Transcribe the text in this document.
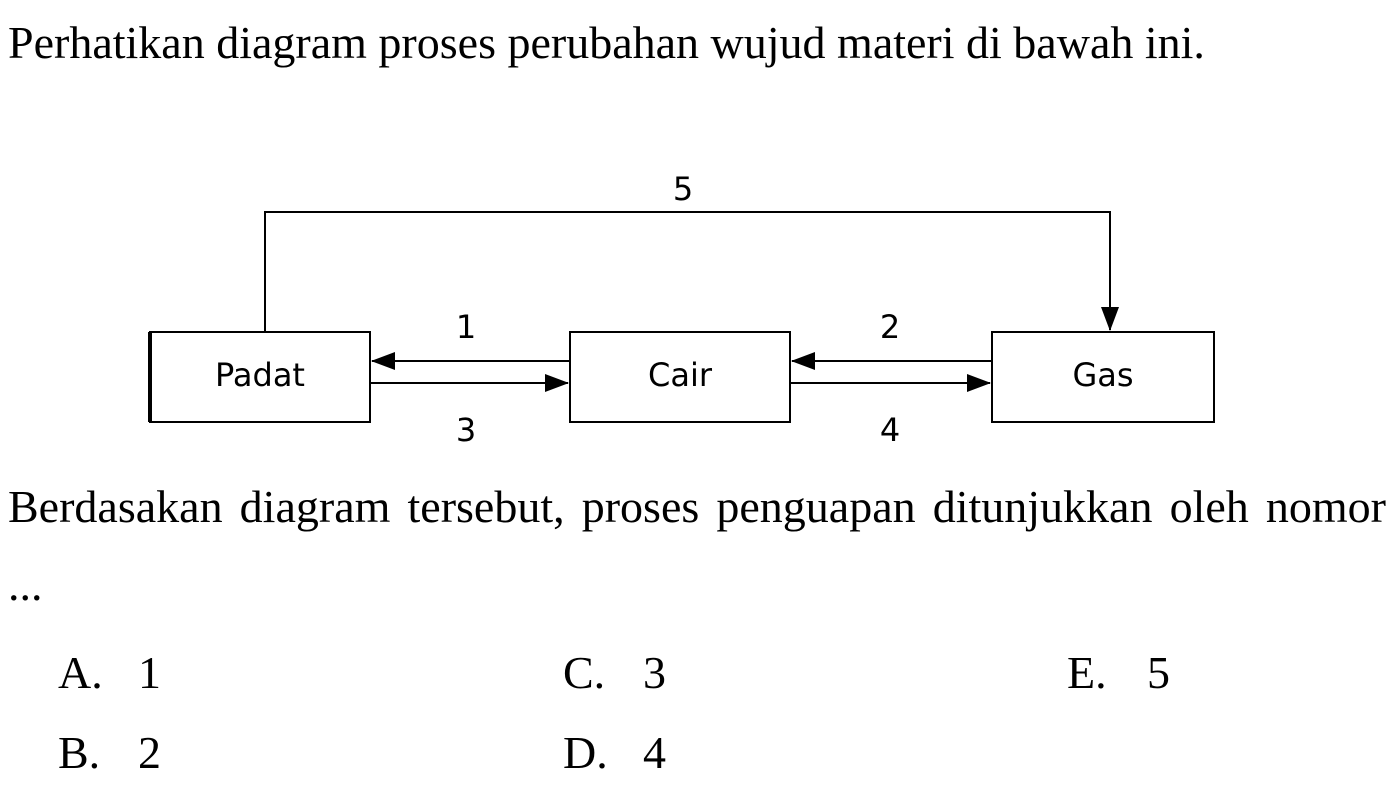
Perhatikan diagram proses perubahan wujud materi di bawah ini.

Padat	Cair	Gas
1
3
2
4
5

Berdasakan diagram tersebut, proses penguapan ditunjukkan oleh nomor ...

A. 1
B. 2
C. 3
D. 4
E. 5
